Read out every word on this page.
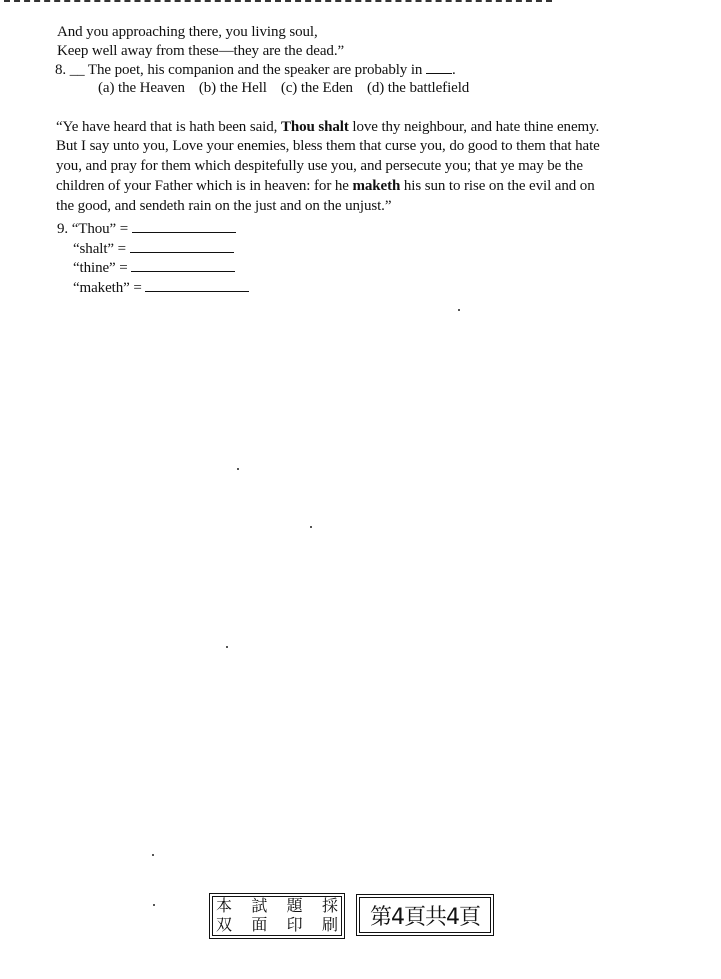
And you approaching there, you living soul,
Keep well away from these—they are the dead.”
8. __ The poet, his companion and the speaker are probably in .
(a) the Heaven (b) the Hell (c) the Eden (d) the battlefield
“Ye have heard that is hath been said, Thou shalt love thy neighbour, and hate thine enemy.
But I say unto you, Love your enemies, bless them that curse you, do good to them that hate
you, and pray for them which despitefully use you, and persecute you; that ye may be the
children of your Father which is in heaven: for he maketh his sun to rise on the evil and on
the good, and sendeth rain on the just and on the unjust.”
9. “Thou” =
“shalt” =
“thine” =
“maketh” =
本 試 題 採
双 面 印 刷 第4頁共4頁
